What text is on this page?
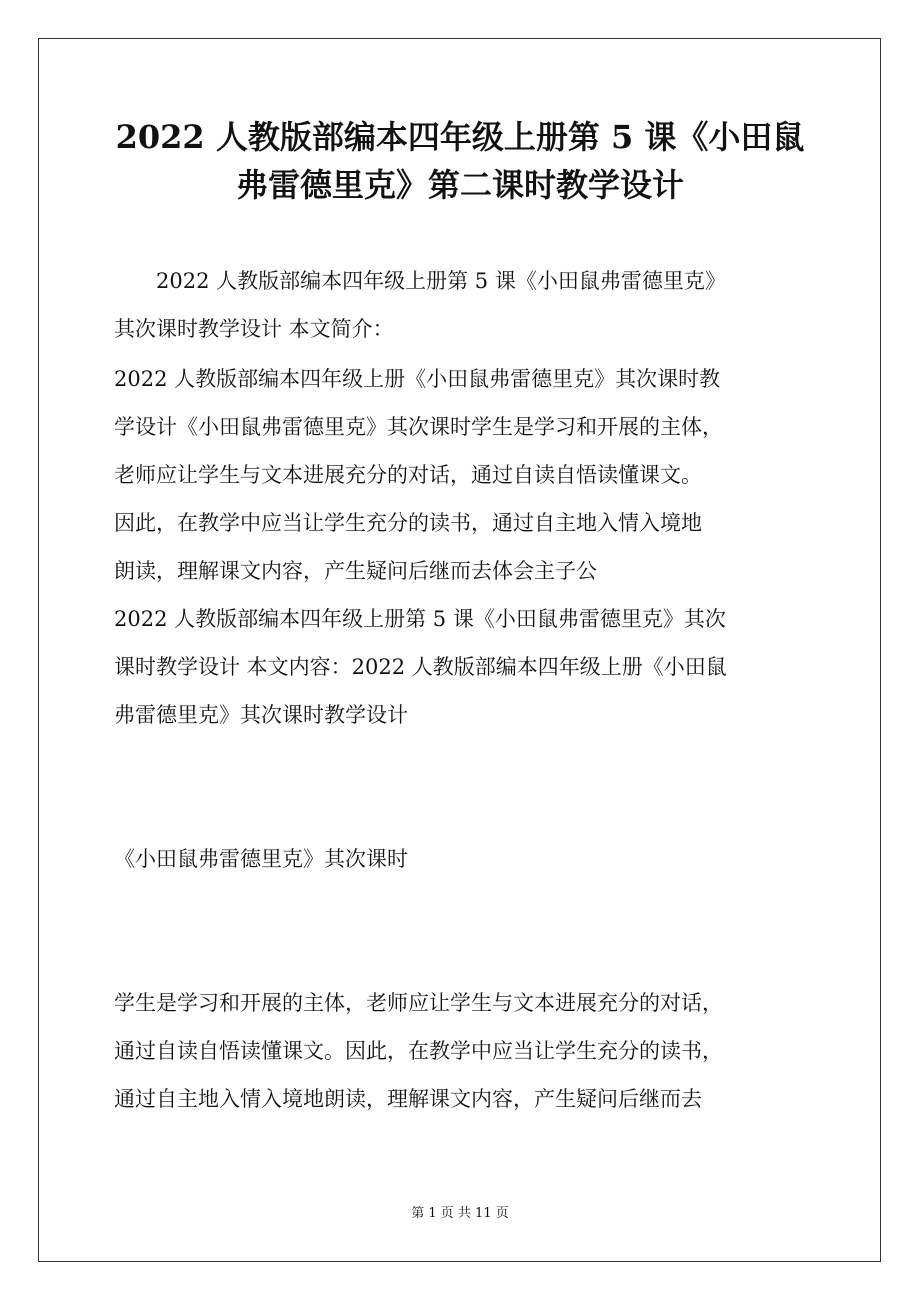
2022 人教版部编本四年级上册第 5 课《小田鼠
弗雷德里克》第二课时教学设计
2022 人教版部编本四年级上册第 5 课《小田鼠弗雷德里克》
其次课时教学设计 本文简介：
2022 人教版部编本四年级上册《小田鼠弗雷德里克》其次课时教
学设计《小田鼠弗雷德里克》其次课时学生是学习和开展的主体，
老师应让学生与文本进展充分的对话，通过自读自悟读懂课文。
因此，在教学中应当让学生充分的读书，通过自主地入情入境地
朗读，理解课文内容，产生疑问后继而去体会主子公
2022 人教版部编本四年级上册第 5 课《小田鼠弗雷德里克》其次
课时教学设计 本文内容：2022 人教版部编本四年级上册《小田鼠
弗雷德里克》其次课时教学设计
《小田鼠弗雷德里克》其次课时
学生是学习和开展的主体，老师应让学生与文本进展充分的对话，
通过自读自悟读懂课文。因此，在教学中应当让学生充分的读书，
通过自主地入情入境地朗读，理解课文内容，产生疑问后继而去
第 1 页 共 11 页
